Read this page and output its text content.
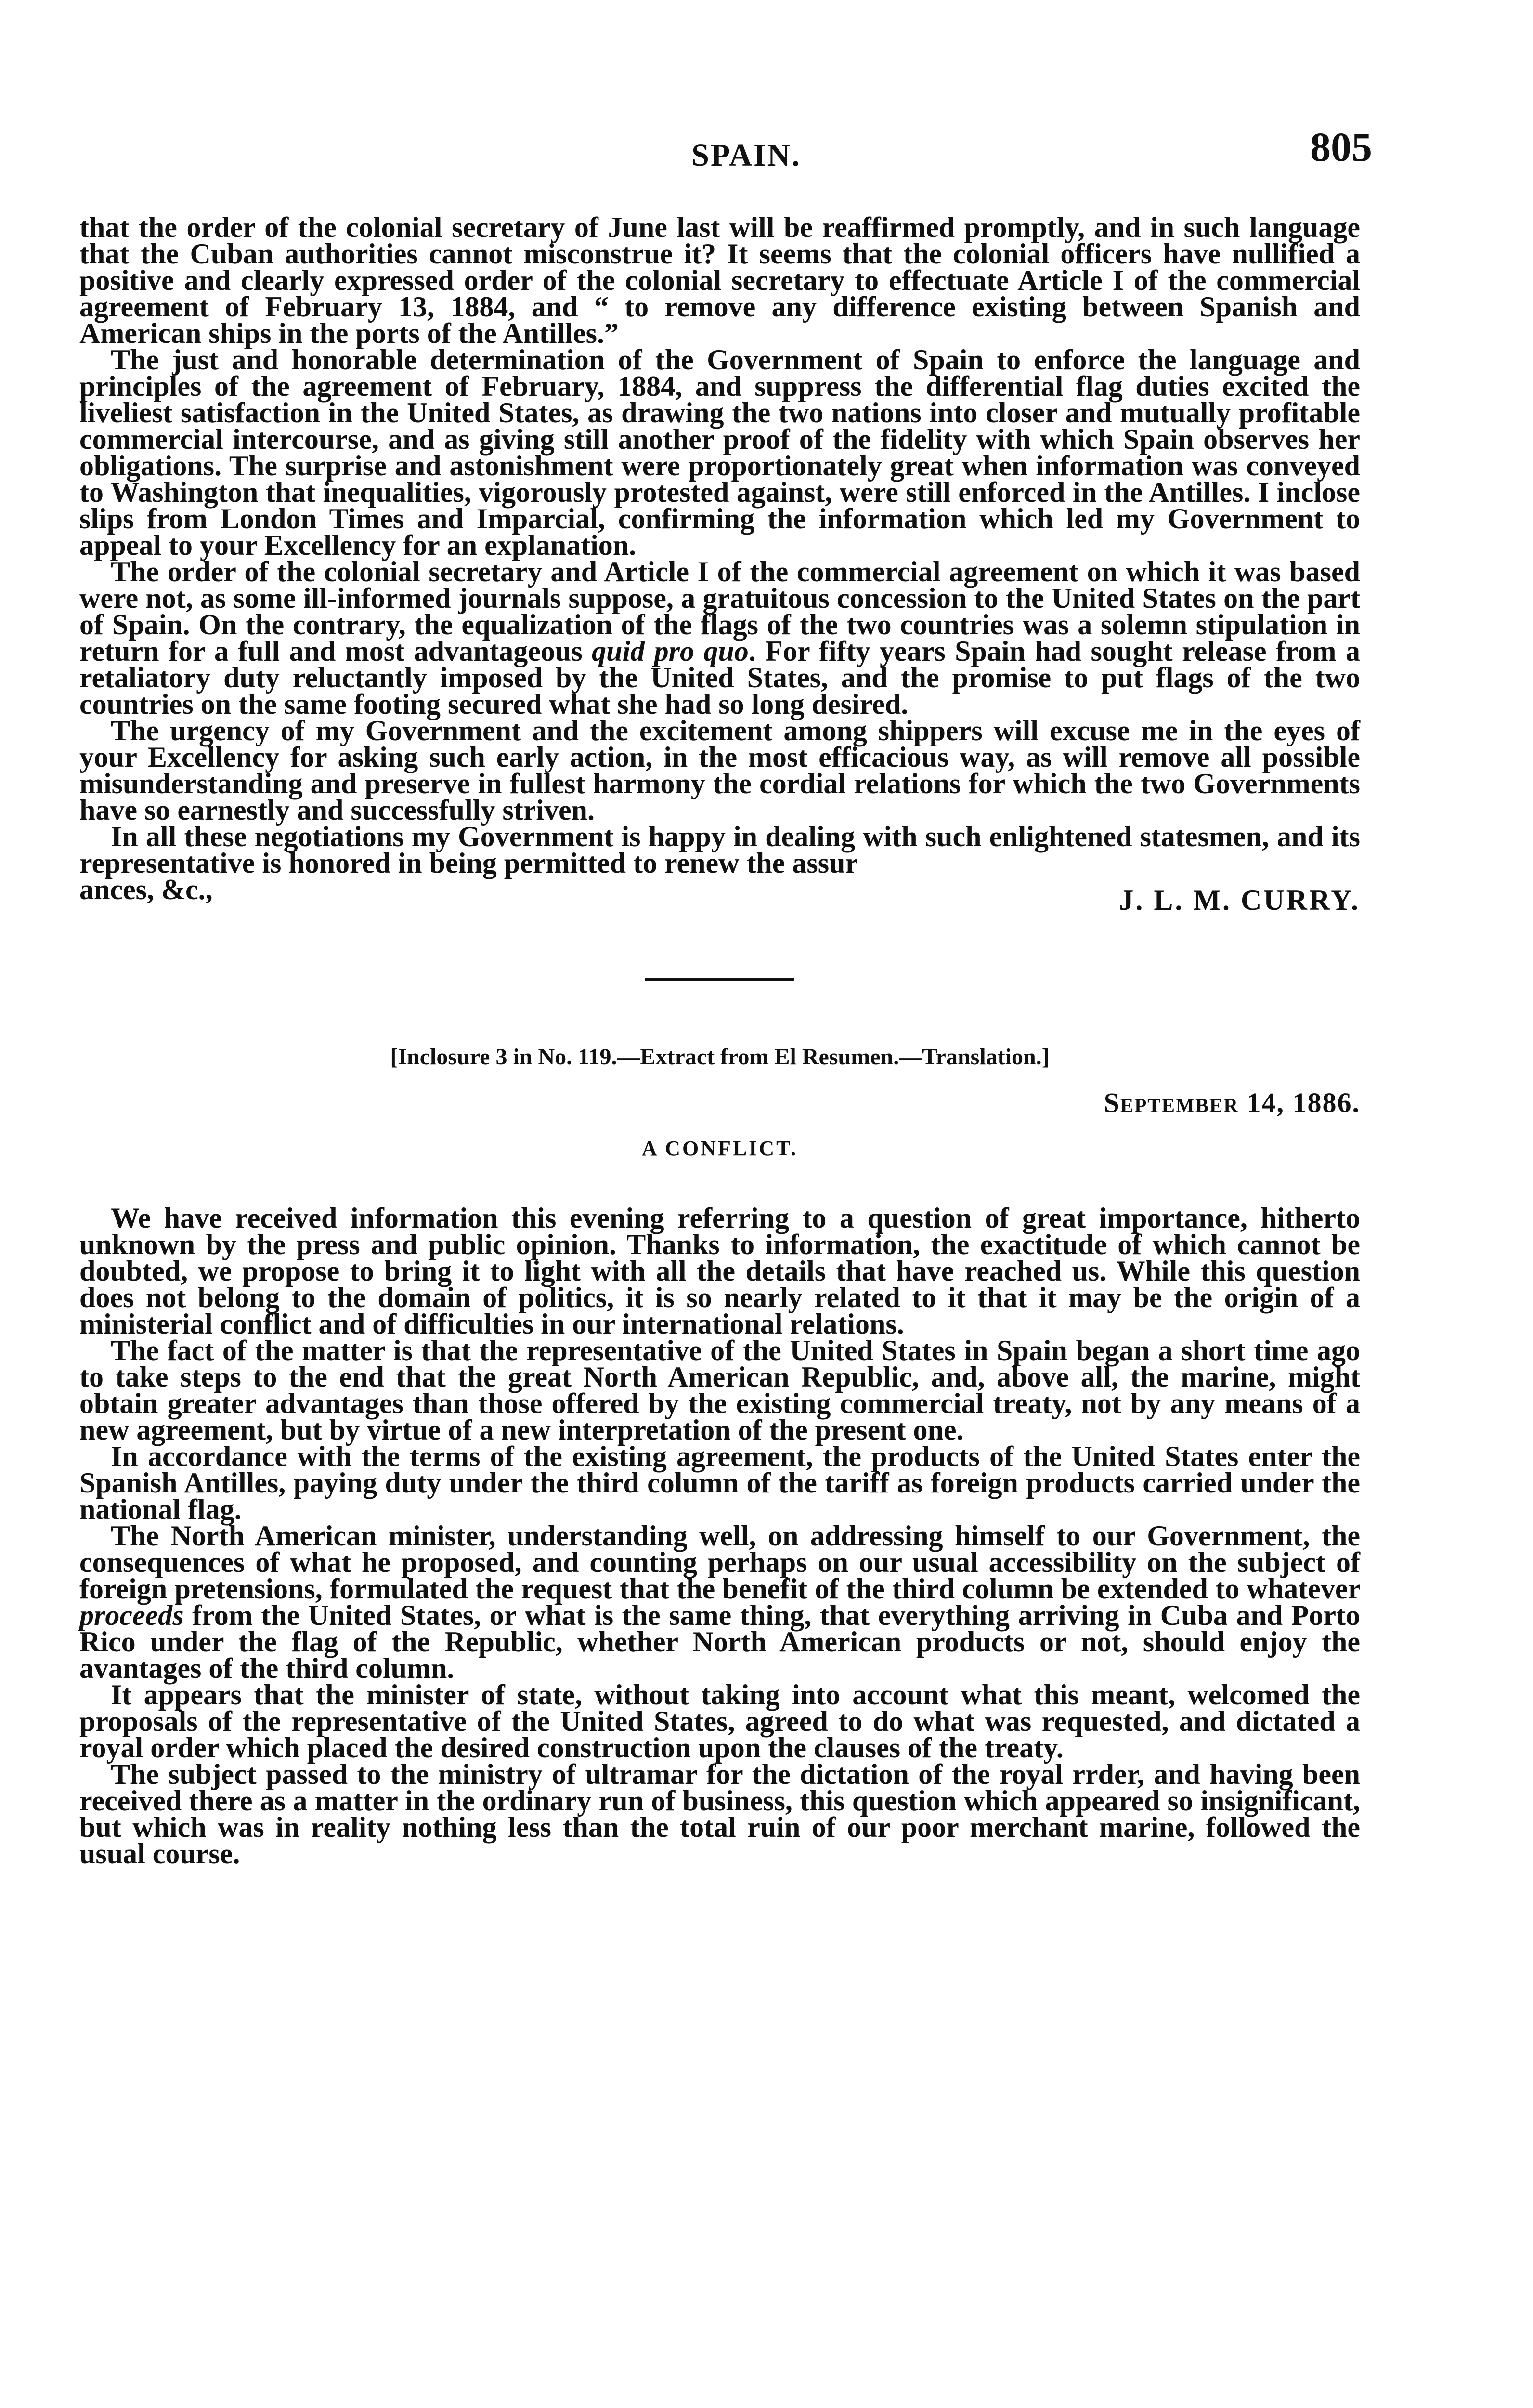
SPAIN.	805

that the order of the colonial secretary of June last will be reaffirmed promptly, and in such language that the Cuban authorities cannot misconstrue it? It seems that the colonial officers have nullified a positive and clearly expressed order of the colonial secretary to effectuate Article I of the commercial agreement of February 13, 1884, and “ to remove any difference existing between Spanish and American ships in the ports of the Antilles.”

The just and honorable determination of the Government of Spain to enforce the language and principles of the agreement of February, 1884, and suppress the differential flag duties excited the liveliest satisfaction in the United States, as drawing the two nations into closer and mutually profitable commercial intercourse, and as giving still another proof of the fidelity with which Spain observes her obligations. The surprise and astonishment were proportionately great when information was conveyed to Washington that inequalities, vigorously protested against, were still enforced in the Antilles. I inclose slips from London Times and Imparcial, confirming the information which led my Government to appeal to your Excellency for an explanation.

The order of the colonial secretary and Article I of the commercial agreement on which it was based were not, as some ill-informed journals suppose, a gratuitous concession to the United States on the part of Spain. On the contrary, the equalization of the flags of the two countries was a solemn stipulation in return for a full and most advantageous quid pro quo. For fifty years Spain had sought release from a retaliatory duty reluctantly imposed by the United States, and the promise to put flags of the two countries on the same footing secured what she had so long desired.

The urgency of my Government and the excitement among shippers will excuse me in the eyes of your Excellency for asking such early action, in the most efficacious way, as will remove all possible misunderstanding and preserve in fullest harmony the cordial relations for which the two Governments have so earnestly and successfully striven.

In all these negotiations my Government is happy in dealing with such enlightened statesmen, and its representative is honored in being permitted to renew the assur

ances, &c.,	J. L. M. CURRY.

[Inclosure 3 in No. 119.—Extract from El Resumen.—Translation.]

September 14, 1886.

A CONFLICT.

We have received information this evening referring to a question of great importance, hitherto unknown by the press and public opinion. Thanks to information, the exactitude of which cannot be doubted, we propose to bring it to light with all the details that have reached us. While this question does not belong to the domain of politics, it is so nearly related to it that it may be the origin of a ministerial conflict and of difficulties in our international relations.

The fact of the matter is that the representative of the United States in Spain began a short time ago to take steps to the end that the great North American Republic, and, above all, the marine, might obtain greater advantages than those offered by the existing commercial treaty, not by any means of a new agreement, but by virtue of a new interpretation of the present one.

In accordance with the terms of the existing agreement, the products of the United States enter the Spanish Antilles, paying duty under the third column of the tariff as foreign products carried under the national flag.

The North American minister, understanding well, on addressing himself to our Government, the consequences of what he proposed, and counting perhaps on our usual accessibility on the subject of foreign pretensions, formulated the request that the benefit of the third column be extended to whatever proceeds from the United States, or what is the same thing, that everything arriving in Cuba and Porto Rico under the flag of the Republic, whether North American products or not, should enjoy the avantages of the third column.

It appears that the minister of state, without taking into account what this meant, welcomed the proposals of the representative of the United States, agreed to do what was requested, and dictated a royal order which placed the desired construction upon the clauses of the treaty.

The subject passed to the ministry of ultramar for the dictation of the royal rrder, and having been received there as a matter in the ordinary run of business, this question which appeared so insignificant, but which was in reality nothing less than the total ruin of our poor merchant marine, followed the usual course.
